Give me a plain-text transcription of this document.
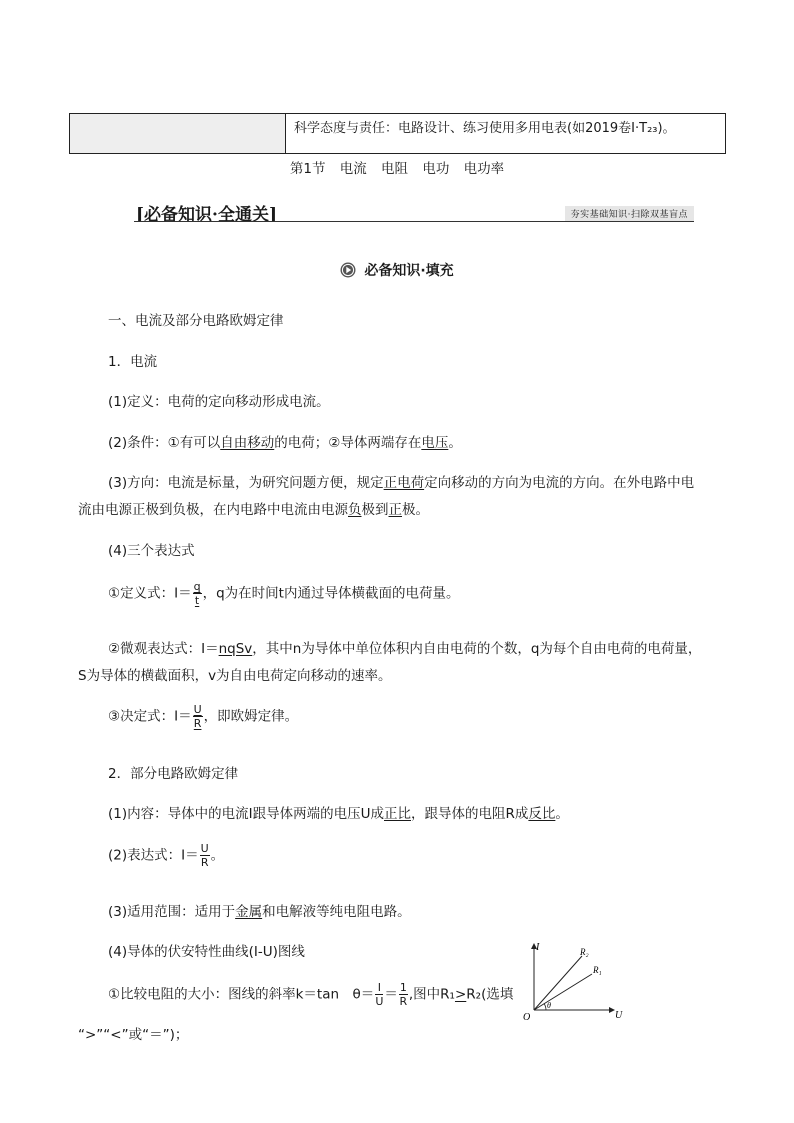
科学态度与责任：电路设计、练习使用多用电表(如2019卷Ⅰ·T₂₃)。
第1节 电流 电阻 电功 电功率
[必备知识·全通关]	夯实基础知识·扫除双基盲点
必备知识·填充
一、电流及部分电路欧姆定律
1．电流
(1)定义：电荷的定向移动形成电流。
(2)条件：①有可以自由移动的电荷；②导体两端存在电压。
(3)方向：电流是标量，为研究问题方便，规定正电荷定向移动的方向为电流的方向。在外电路中电
流由电源正极到负极，在内电路中电流由电源负极到正极。
(4)三个表达式
①定义式：$I= \frac{q}{t}$ ，q为在时间t内通过导体横截面的电荷量。
②微观表达式：I＝nqSv，其中n为导体中单位体积内自由电荷的个数，q为每个自由电荷的电荷量，
S为导体的横截面积，v为自由电荷定向移动的速率。
③决定式：$I= \frac{U}{R}$ ，即欧姆定律。
2．部分电路欧姆定律
(1)内容：导体中的电流I跟导体两端的电压U成正比，跟导体的电阻R成反比。
(2)表达式：$I= \frac{U}{R}$ 。
(3)适用范围：适用于金属和电解液等纯电阻电路。
(4)导体的伏安特性曲线(I-U)图线
①比较电阻的大小：图线的斜率k＝tan　$\theta= \frac{I}{U} = \frac{1}{R}$ ,图中R₁>R₂(选填
“>”“<”或“＝”)；
I
U
O
θ
R₂
R₁
